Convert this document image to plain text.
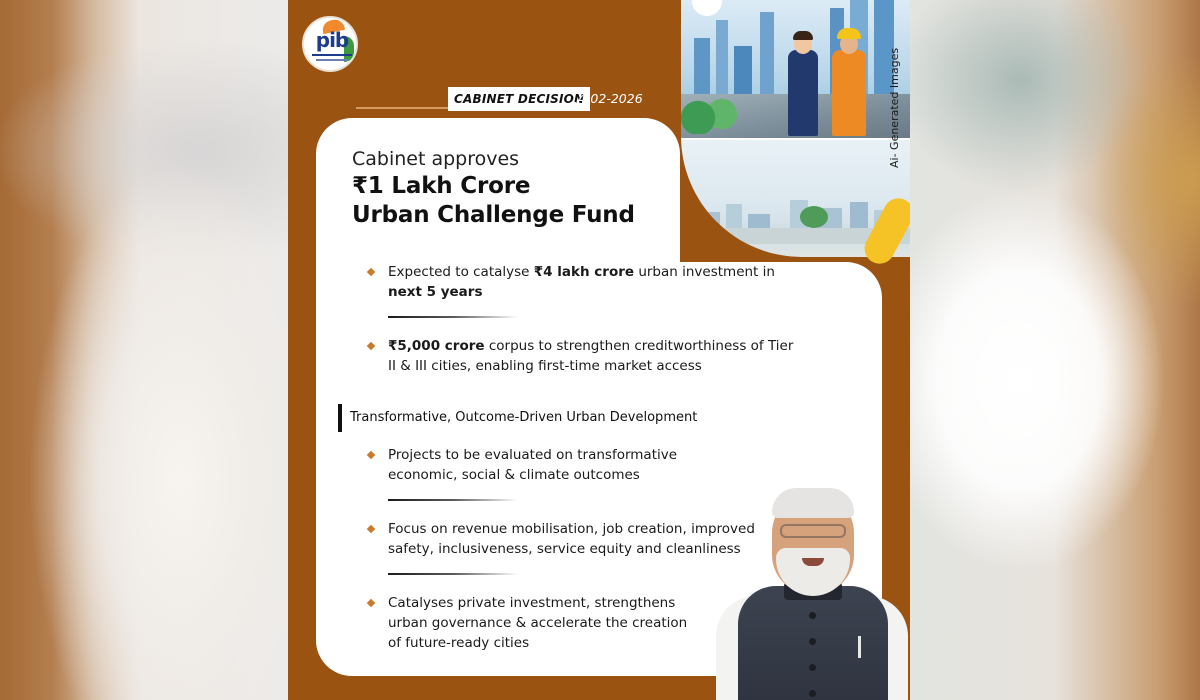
pib
Ai- Generated Images
CABINET DECISION
14-02-2026
Cabinet approves
₹1 Lakh Crore
Urban Challenge Fund
Expected to catalyse ₹4 lakh crore urban investment in next 5 years
₹5,000 crore corpus to strengthen creditworthiness of Tier II & III cities, enabling first-time market access
Transformative, Outcome-Driven Urban Development
Projects to be evaluated on transformative economic, social & climate outcomes
Focus on revenue mobilisation, job creation, improved safety, inclusiveness, service equity and cleanliness
Catalyses private investment, strengthens urban governance & accelerate the creation of future-ready cities
